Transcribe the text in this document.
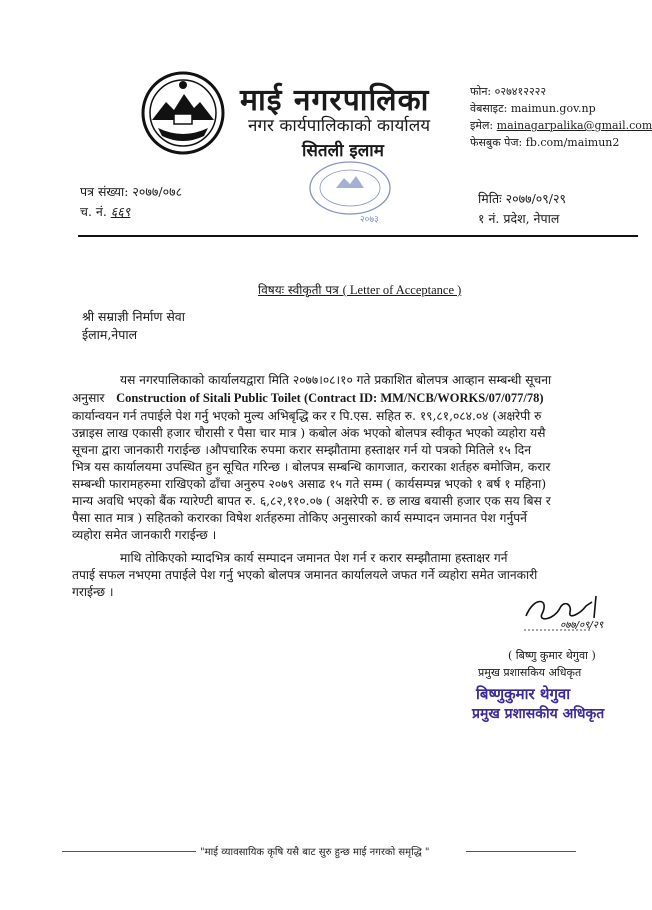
माई नगरपालिका
नगर कार्यपालिकाको कार्यालय
सितली इलाम
फोन: ०२७४१२२२२
वेबसाइट: maimun.gov.np
इमेल: mainagarpalika@gmail.com
फेसबुक पेज: fb.com/maimun2
२०७३
पत्र संख्या: २०७७/०७८
च. नं. ६६९
मितिः २०७७/०९/२९
१ नं. प्रदेश, नेपाल
विषयः स्वीकृती पत्र ( Letter of Acceptance )
श्री सम्राज्ञी निर्माण सेवा
ईलाम,नेपाल
यस नगरपालिकाको कार्यालयद्वारा मिति २०७७।०८।१० गते प्रकाशित बोलपत्र आव्हान सम्बन्धी सूचना
अनुसार Construction of Sitali Public Toilet (Contract ID: MM/NCB/WORKS/07/077/78)
कार्यान्वयन गर्न तपाईले पेश गर्नु भएको मुल्य अभिबृद्धि कर र पि.एस. सहित रु. १९,८१,०८४.०४ (अक्षरेपी रु
उन्नाइस लाख एकासी हजार चौरासी र पैसा चार मात्र ) कबोल अंक भएको बोलपत्र स्वीकृत भएको व्यहोरा यसै
सूचना द्वारा जानकारी गराईन्छ ।औपचारिक रुपमा करार सम्झौतामा हस्ताक्षर गर्न यो पत्रको मितिले १५ दिन
भित्र यस कार्यालयमा उपस्थित हुन सूचित गरिन्छ । बोलपत्र सम्बन्धि कागजात, करारका शर्तहरु बमोजिम, करार
सम्बन्धी फारामहरुमा राखिएको ढाँचा अनुरुप २०७९ असाढ १५ गते सम्म ( कार्यसम्पन्न भएको १ बर्ष १ महिना)
मान्य अवधि भएको बैंक ग्यारेण्टी बापत रु. ६,८२,११०.०७ ( अक्षरेपी रु. छ लाख बयासी हजार एक सय बिस र
पैसा सात मात्र ) सहितको करारका विषेश शर्तहरुमा तोकिए अनुसारको कार्य सम्पादन जमानत पेश गर्नुपर्ने
व्यहोरा समेत जानकारी गराईन्छ ।
माथि तोकिएको म्यादभित्र कार्य सम्पादन जमानत पेश गर्न र करार सम्झौतामा हस्ताक्षर गर्न
तपाई सफल नभएमा तपाईले पेश गर्नु भएको बोलपत्र जमानत कार्यालयले जफत गर्ने व्यहोरा समेत जानकारी
गराईन्छ ।
०७७/०९/२९
( बिष्णु कुमार थेगुवा )
प्रमुख प्रशासकिय अधिकृत
बिष्णुकुमार थेगुवा
प्रमुख प्रशासकीय अधिकृत
"माई व्यावसायिक कृषि यसै बाट सुरु हुन्छ माई नगरको समृद्धि "
